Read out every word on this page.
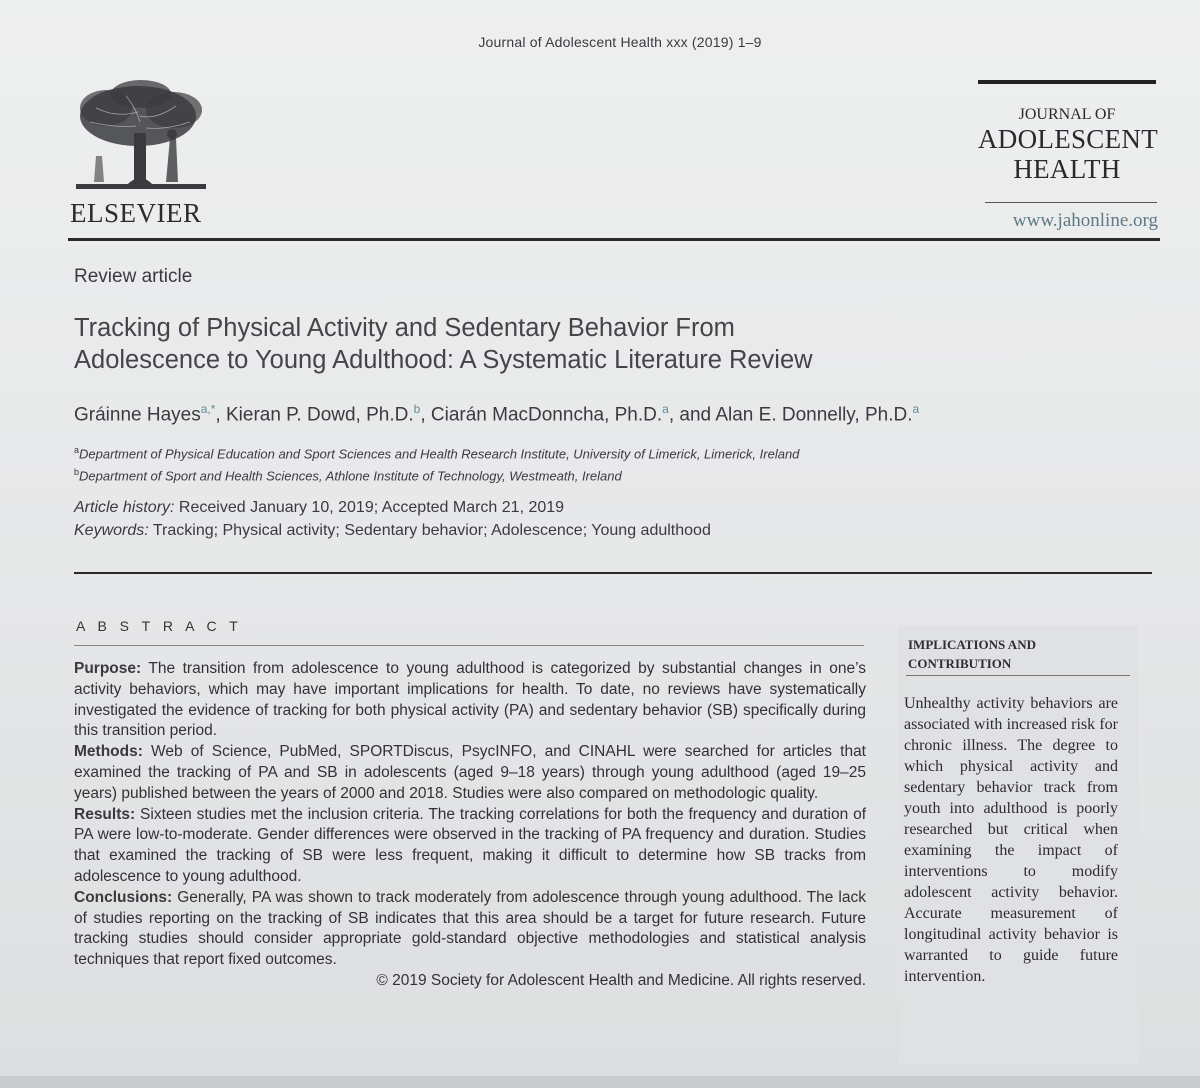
Journal of Adolescent Health xxx (2019) 1–9
ELSEVIER
JOURNAL OF
ADOLESCENT
HEALTH
www.jahonline.org
Review article
Tracking of Physical Activity and Sedentary Behavior From
Adolescence to Young Adulthood: A Systematic Literature Review
Gráinne Hayes$^{a,*}$, Kieran P. Dowd, Ph.D.$^b$, Ciarán MacDonncha, Ph.D.$^a$, and Alan E. Donnelly, Ph.D.$^a$
$^a$Department of Physical Education and Sport Sciences and Health Research Institute, University of Limerick, Limerick, Ireland
$^b$Department of Sport and Health Sciences, Athlone Institute of Technology, Westmeath, Ireland
Article history: Received January 10, 2019; Accepted March 21, 2019
Keywords: Tracking; Physical activity; Sedentary behavior; Adolescence; Young adulthood
A B S T R A C T

Purpose: The transition from adolescence to young adulthood is categorized by substantial changes in one’s activity behaviors, which may have important implications for health. To date, no reviews have systematically investigated the evidence of tracking for both physical activity (PA) and sedentary behavior (SB) specifically during this transition period.

Methods: Web of Science, PubMed, SPORTDiscus, PsycINFO, and CINAHL were searched for articles that examined the tracking of PA and SB in adolescents (aged 9–18 years) through young adulthood (aged 19–25 years) published between the years of 2000 and 2018. Studies were also compared on methodologic quality.

Results: Sixteen studies met the inclusion criteria. The tracking correlations for both the frequency and duration of PA were low-to-moderate. Gender differences were observed in the tracking of PA frequency and duration. Studies that examined the tracking of SB were less frequent, making it difficult to determine how SB tracks from adolescence to young adulthood.

Conclusions: Generally, PA was shown to track moderately from adolescence through young adulthood. The lack of studies reporting on the tracking of SB indicates that this area should be a target for future research. Future tracking studies should consider appropriate gold-standard objective methodologies and statistical analysis techniques that report fixed outcomes.

© 2019 Society for Adolescent Health and Medicine. All rights reserved.

IMPLICATIONS AND
CONTRIBUTION
Unhealthy activity behaviors are associated with increased risk for chronic illness. The degree to which physical activity and sedentary behavior track from youth into adulthood is poorly researched but critical when examining the impact of interventions to modify adolescent activity behavior. Accurate measurement of longitudinal activity behavior is warranted to guide future intervention.
